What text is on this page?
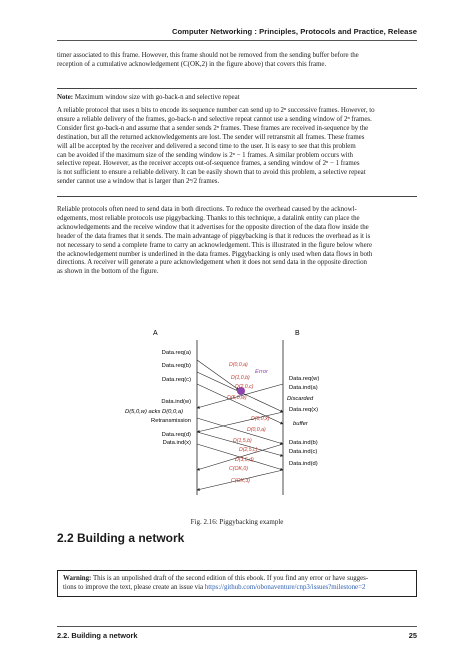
Computer Networking : Principles, Protocols and Practice, Release
timer associated to this frame. However, this frame should not be removed from the sending buffer before the
reception of a cumulative acknowledgement (C(OK,2) in the figure above) that covers this frame.
Note: Maximum window size with go-back-n and selective repeat
A reliable protocol that uses n bits to encode its sequence number can send up to 2ⁿ successive frames. However, to
ensure a reliable delivery of the frames, go-back-n and selective repeat cannot use a sending window of 2ⁿ frames.
Consider first go-back-n and assume that a sender sends 2ⁿ frames. These frames are received in-sequence by the
destination, but all the returned acknowledgements are lost. The sender will retransmit all frames. These frames
will all be accepted by the receiver and delivered a second time to the user. It is easy to see that this problem
can be avoided if the maximum size of the sending window is 2ⁿ − 1 frames. A similar problem occurs with
selective repeat. However, as the receiver accepts out-of-sequence frames, a sending window of 2ⁿ − 1 frames
is not sufficient to ensure a reliable delivery. It can be easily shown that to avoid this problem, a selective repeat
sender cannot use a window that is larger than 2ⁿ/2 frames.
Reliable protocols often need to send data in both directions. To reduce the overhead caused by the acknowl-
edgements, most reliable protocols use piggybacking. Thanks to this technique, a datalink entity can place the
acknowledgements and the receive window that it advertises for the opposite direction of the data flow inside the
header of the data frames that it sends. The main advantage of piggybacking is that it reduces the overhead as it is
not necessary to send a complete frame to carry an acknowledgement. This is illustrated in the figure below where
the acknowledgement number is underlined in the data frames. Piggybacking is only used when data flows in both
directions. A receiver will generate a pure acknowledgement when it does not send data in the opposite direction
as shown in the bottom of the figure.
A	B
Error
Data.req(a)
Data.req(b)
Data.req(c)
Data.ind(w)
D(5,0,w) acks D(0,0,a)
Retransmission
Data.req(d)
Data.ind(x)
D(0,0,a)
D(1,0,b)
D(2,0,c)
D(5,0,w)
D(0,0,a)
D(6,0,x)
D(1,5,b)
D(2,5,c)
D(3,6,d)
C(OK,0)
C(OK,3)
Data.req(w)
Data.ind(a)
Discarded
Data.req(x)
buffer
Data.ind(b)
Data.ind(c)
Data.ind(d)
Fig. 2.16: Piggybacking example
2.2 Building a network
Warning: This is an unpolished draft of the second edition of this ebook. If you find any error or have sugges-
tions to improve the text, please create an issue via https://github.com/obonaventure/cnp3/issues?milestone=2
2.2. Building a network	25
